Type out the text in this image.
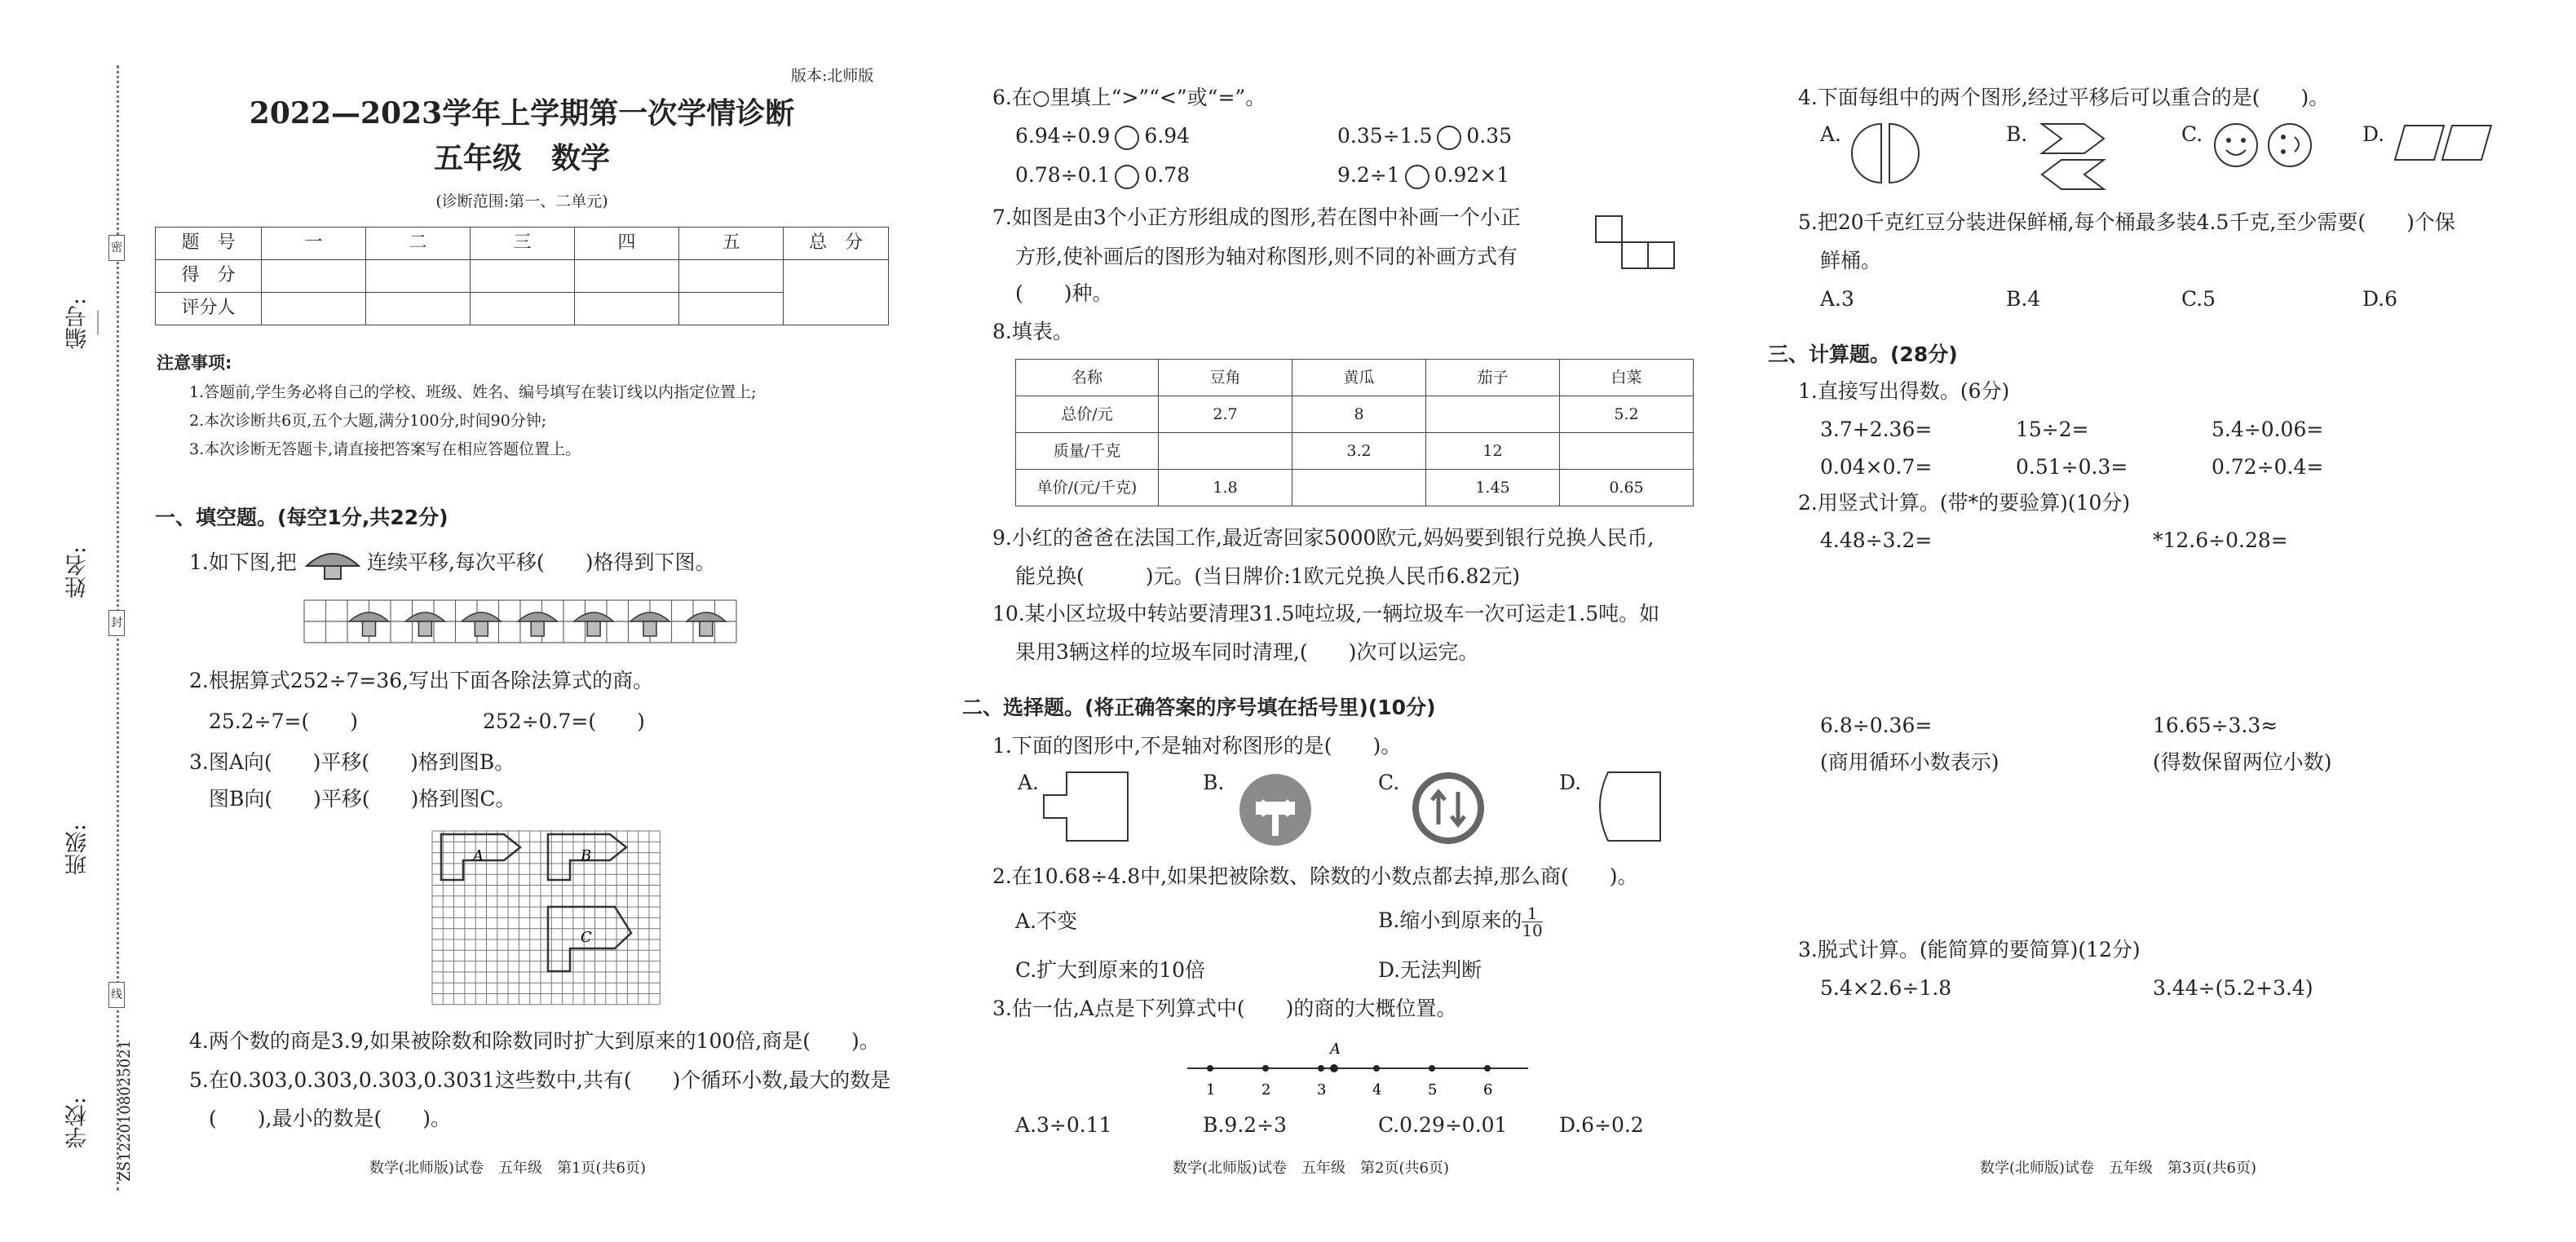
编号:
姓名:
班级:
学校:
密
封
线
ZS1220108025021
版本:北师版
2022—2023学年上学期第一次学情诊断
五年级　数学
(诊断范围:第一、二单元)
题　号	一	二	三	四	五	总　分
得　分						
评分人						
注意事项:
1.答题前,学生务必将自己的学校、班级、姓名、编号填写在装订线以内指定位置上;
2.本次诊断共6页,五个大题,满分100分,时间90分钟;
3.本次诊断无答题卡,请直接把答案写在相应答题位置上。
一、填空题。(每空1分,共22分)
1.如下图,把	连续平移,每次平移(　　)格得到下图。
2.根据算式252÷7=36,写出下面各除法算式的商。
25.2÷7=(　　)	252÷0.7=(　　)
3.图A向(　　)平移(　　)格到图B。
图B向(　　)平移(　　)格到图C。
A	B
C
4.两个数的商是3.9,如果被除数和除数同时扩大到原来的100倍,商是(　　)。
5.在0.303,0.303,0.303,0.3031这些数中,共有(　　)个循环小数,最大的数是
(　　),最小的数是(　　)。
数学(北师版)试卷　五年级　第1页(共6页)
6.在○里填上“>”“<”或“=”。
6.94÷0.9 6.94	0.35÷1.5 0.35
0.78÷0.1 0.78	9.2÷1 0.92×1
7.如图是由3个小正方形组成的图形,若在图中补画一个小正
方形,使补画后的图形为轴对称图形,则不同的补画方式有
(　　)种。
8.填表。
名称	豆角	黄瓜	茄子	白菜
总价/元	2.7	8		5.2
质量/千克		3.2	12	
单价/(元/千克)	1.8		1.45	0.65
9.小红的爸爸在法国工作,最近寄回家5000欧元,妈妈要到银行兑换人民币,
能兑换(　　　)元。(当日牌价:1欧元兑换人民币6.82元)
10.某小区垃圾中转站要清理31.5吨垃圾,一辆垃圾车一次可运走1.5吨。如
果用3辆这样的垃圾车同时清理,(　　)次可以运完。
二、选择题。(将正确答案的序号填在括号里)(10分)
1.下面的图形中,不是轴对称图形的是(　　)。
A.	B.	C.	D.
2.在10.68÷4.8中,如果把被除数、除数的小数点都去掉,那么商(　　)。
A.不变	B.缩小到原来的 $\frac{1}{10}$
C.扩大到原来的10倍	D.无法判断
3.估一估,A点是下列算式中(　　)的商的大概位置。
1	2	3	4	5	6
A
A.3÷0.11	B.9.2÷3	C.0.29÷0.01	D.6÷0.2
数学(北师版)试卷　五年级　第2页(共6页)
4.下面每组中的两个图形,经过平移后可以重合的是(　　)。
A.	B.	C.	D.
5.把20千克红豆分装进保鲜桶,每个桶最多装4.5千克,至少需要(　　)个保
鲜桶。
A.3	B.4	C.5	D.6
三、计算题。(28分)
1.直接写出得数。(6分)
3.7+2.36=	15÷2=	5.4÷0.06=
0.04×0.7=	0.51÷0.3=	0.72÷0.4=
2.用竖式计算。(带*的要验算)(10分)
4.48÷3.2=	*12.6÷0.28=
6.8÷0.36=	16.65÷3.3≈
(商用循环小数表示)	(得数保留两位小数)
3.脱式计算。(能简算的要简算)(12分)
5.4×2.6÷1.8	3.44÷(5.2+3.4)
数学(北师版)试卷　五年级　第3页(共6页)
